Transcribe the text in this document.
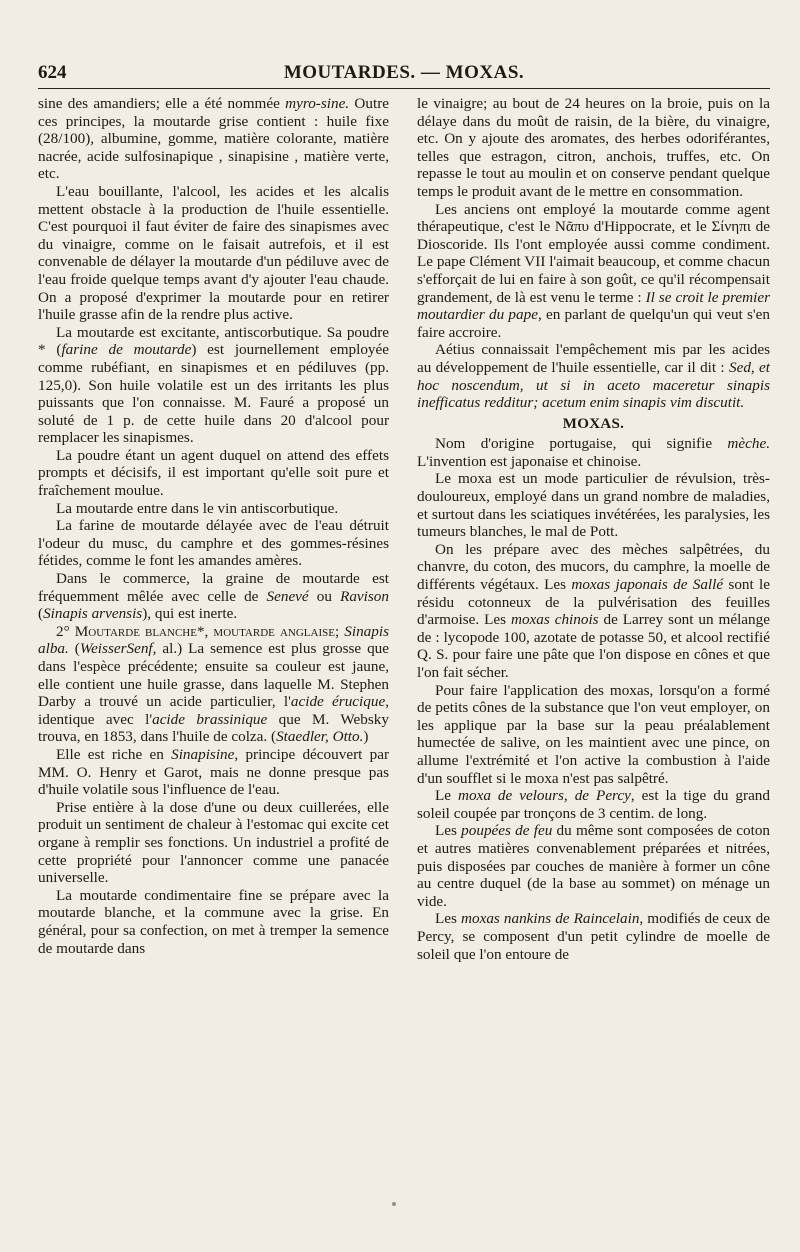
624	MOUTARDES. — MOXAS.

sine des amandiers; elle a été nommée myro-sine. Outre ces principes, la moutarde grise contient : huile fixe (28/100), albumine, gomme, matière colorante, matière nacrée, acide sulfosinapique , sinapisine , matière verte, etc.

L'eau bouillante, l'alcool, les acides et les alcalis mettent obstacle à la production de l'huile essentielle. C'est pourquoi il faut éviter de faire des sinapismes avec du vinaigre, comme on le faisait autrefois, et il est convenable de délayer la moutarde d'un pédiluve avec de l'eau froide quelque temps avant d'y ajouter l'eau chaude. On a proposé d'exprimer la moutarde pour en retirer l'huile grasse afin de la rendre plus active.

La moutarde est excitante, antiscorbutique. Sa poudre * (farine de moutarde) est journellement employée comme rubéfiant, en sinapismes et en pédiluves (pp. 125,0). Son huile volatile est un des irritants les plus puissants que l'on connaisse. M. Fauré a proposé un soluté de 1 p. de cette huile dans 20 d'alcool pour remplacer les sinapismes.

La poudre étant un agent duquel on attend des effets prompts et décisifs, il est important qu'elle soit pure et fraîchement moulue.

La moutarde entre dans le vin antiscorbutique.

La farine de moutarde délayée avec de l'eau détruit l'odeur du musc, du camphre et des gommes-résines fétides, comme le font les amandes amères.

Dans le commerce, la graine de moutarde est fréquemment mêlée avec celle de Senevé ou Ravison (Sinapis arvensis), qui est inerte.

2° Moutarde blanche*, moutarde anglaise; Sinapis alba. (WeisserSenf, al.) La semence est plus grosse que dans l'espèce précédente; ensuite sa couleur est jaune, elle contient une huile grasse, dans laquelle M. Stephen Darby a trouvé un acide particulier, l'acide érucique, identique avec l'acide brassinique que M. Websky trouva, en 1853, dans l'huile de colza. (Staedler, Otto.)

Elle est riche en Sinapisine, principe découvert par MM. O. Henry et Garot, mais ne donne presque pas d'huile volatile sous l'influence de l'eau.

Prise entière à la dose d'une ou deux cuillerées, elle produit un sentiment de chaleur à l'estomac qui excite cet organe à remplir ses fonctions. Un industriel a profité de cette propriété pour l'annoncer comme une panacée universelle.

La moutarde condimentaire fine se prépare avec la moutarde blanche, et la commune avec la grise. En général, pour sa confection, on met à tremper la semence de moutarde dans

le vinaigre; au bout de 24 heures on la broie, puis on la délaye dans du moût de raisin, de la bière, du vinaigre, etc. On y ajoute des aromates, des herbes odoriférantes, telles que estragon, citron, anchois, truffes, etc. On repasse le tout au moulin et on conserve pendant quelque temps le produit avant de le mettre en consommation.

Les anciens ont employé la moutarde comme agent thérapeutique, c'est le Νᾶπυ d'Hippocrate, et le Σίνηπι de Dioscoride. Ils l'ont employée aussi comme condiment. Le pape Clément VII l'aimait beaucoup, et comme chacun s'efforçait de lui en faire à son goût, ce qu'il récompensait grandement, de là est venu le terme : Il se croit le premier moutardier du pape, en parlant de quelqu'un qui veut s'en faire accroire.

Aétius connaissait l'empêchement mis par les acides au développement de l'huile essentielle, car il dit : Sed, et hoc noscendum, ut si in aceto maceretur sinapis inefficatus redditur; acetum enim sinapis vim discutit.

MOXAS.

Nom d'origine portugaise, qui signifie mèche. L'invention est japonaise et chinoise.

Le moxa est un mode particulier de révulsion, très-douloureux, employé dans un grand nombre de maladies, et surtout dans les sciatiques invétérées, les paralysies, les tumeurs blanches, le mal de Pott.

On les prépare avec des mèches salpêtrées, du chanvre, du coton, des mucors, du camphre, la moelle de différents végétaux. Les moxas japonais de Sallé sont le résidu cotonneux de la pulvérisation des feuilles d'armoise. Les moxas chinois de Larrey sont un mélange de : lycopode 100, azotate de potasse 50, et alcool rectifié Q. S. pour faire une pâte que l'on dispose en cônes et que l'on fait sécher.

Pour faire l'application des moxas, lorsqu'on a formé de petits cônes de la substance que l'on veut employer, on les applique par la base sur la peau préalablement humectée de salive, on les maintient avec une pince, on allume l'extrémité et l'on active la combustion à l'aide d'un soufflet si le moxa n'est pas salpêtré.

Le moxa de velours, de Percy, est la tige du grand soleil coupée par tronçons de 3 centim. de long.

Les poupées de feu du même sont composées de coton et autres matières convenablement préparées et nitrées, puis disposées par couches de manière à former un cône au centre duquel (de la base au sommet) on ménage un vide.

Les moxas nankins de Raincelain, modifiés de ceux de Percy, se composent d'un petit cylindre de moelle de soleil que l'on entoure de
